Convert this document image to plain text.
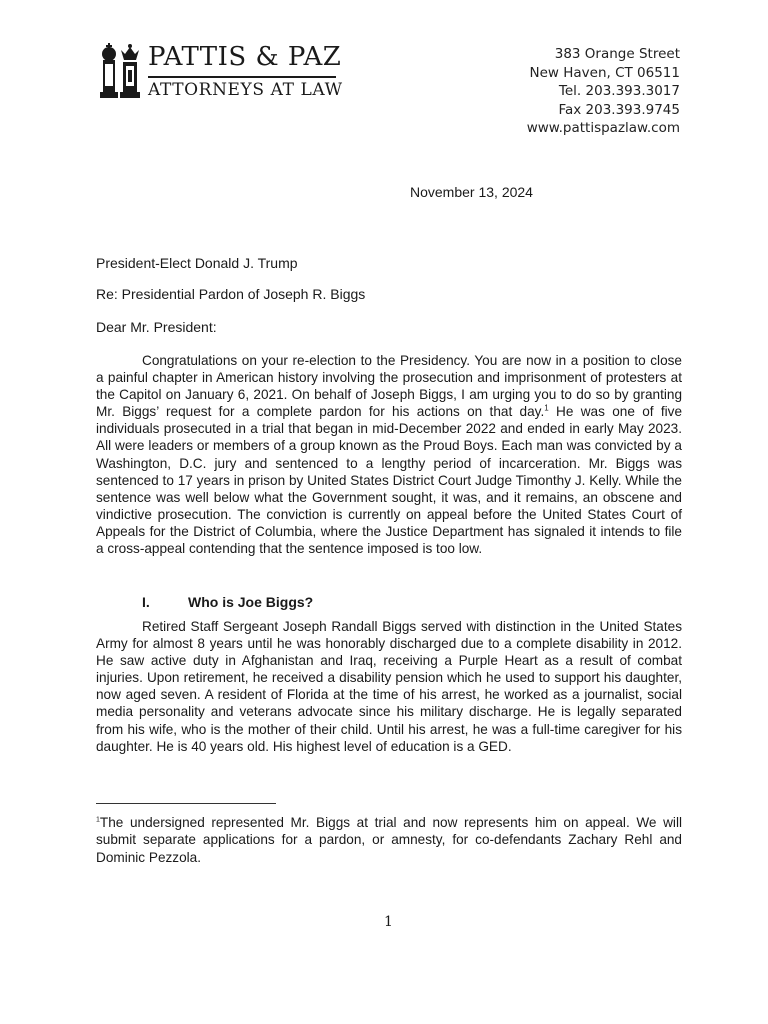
PATTIS & PAZ
ATTORNEYS AT LAW
383 Orange Street
New Haven, CT 06511
Tel. 203.393.3017
Fax 203.393.9745
www.pattispazlaw.com
November 13, 2024
President-Elect Donald J. Trump
Re: Presidential Pardon of Joseph R. Biggs
Dear Mr. President:

Congratulations on your re-election to the Presidency. You are now in a position to close a painful chapter in American history involving the prosecution and imprisonment of protesters at the Capitol on January 6, 2021. On behalf of Joseph Biggs, I am urging you to do so by granting Mr. Biggs’ request for a complete pardon for his actions on that day.$^1$ He was one of five individuals prosecuted in a trial that began in mid-December 2022 and ended in early May 2023. All were leaders or members of a group known as the Proud Boys. Each man was convicted by a Washington, D.C. jury and sentenced to a lengthy period of incarceration. Mr. Biggs was sentenced to 17 years in prison by United States District Court Judge Timonthy J. Kelly. While the sentence was well below what the Government sought, it was, and it remains, an obscene and vindictive prosecution. The conviction is currently on appeal before the United States Court of Appeals for the District of Columbia, where the Justice Department has signaled it intends to file a cross-appeal contending that the sentence imposed is too low.

I.	Who is Joe Biggs?

Retired Staff Sergeant Joseph Randall Biggs served with distinction in the United States Army for almost 8 years until he was honorably discharged due to a complete disability in 2012. He saw active duty in Afghanistan and Iraq, receiving a Purple Heart as a result of combat injuries. Upon retirement, he received a disability pension which he used to support his daughter, now aged seven. A resident of Florida at the time of his arrest, he worked as a journalist, social media personality and veterans advocate since his military discharge. He is legally separated from his wife, who is the mother of their child. Until his arrest, he was a full-time caregiver for his daughter. He is 40 years old. His highest level of education is a GED.

$^1$The undersigned represented Mr. Biggs at trial and now represents him on appeal. We will submit separate applications for a pardon, or amnesty, for co-defendants Zachary Rehl and Dominic Pezzola.

1
